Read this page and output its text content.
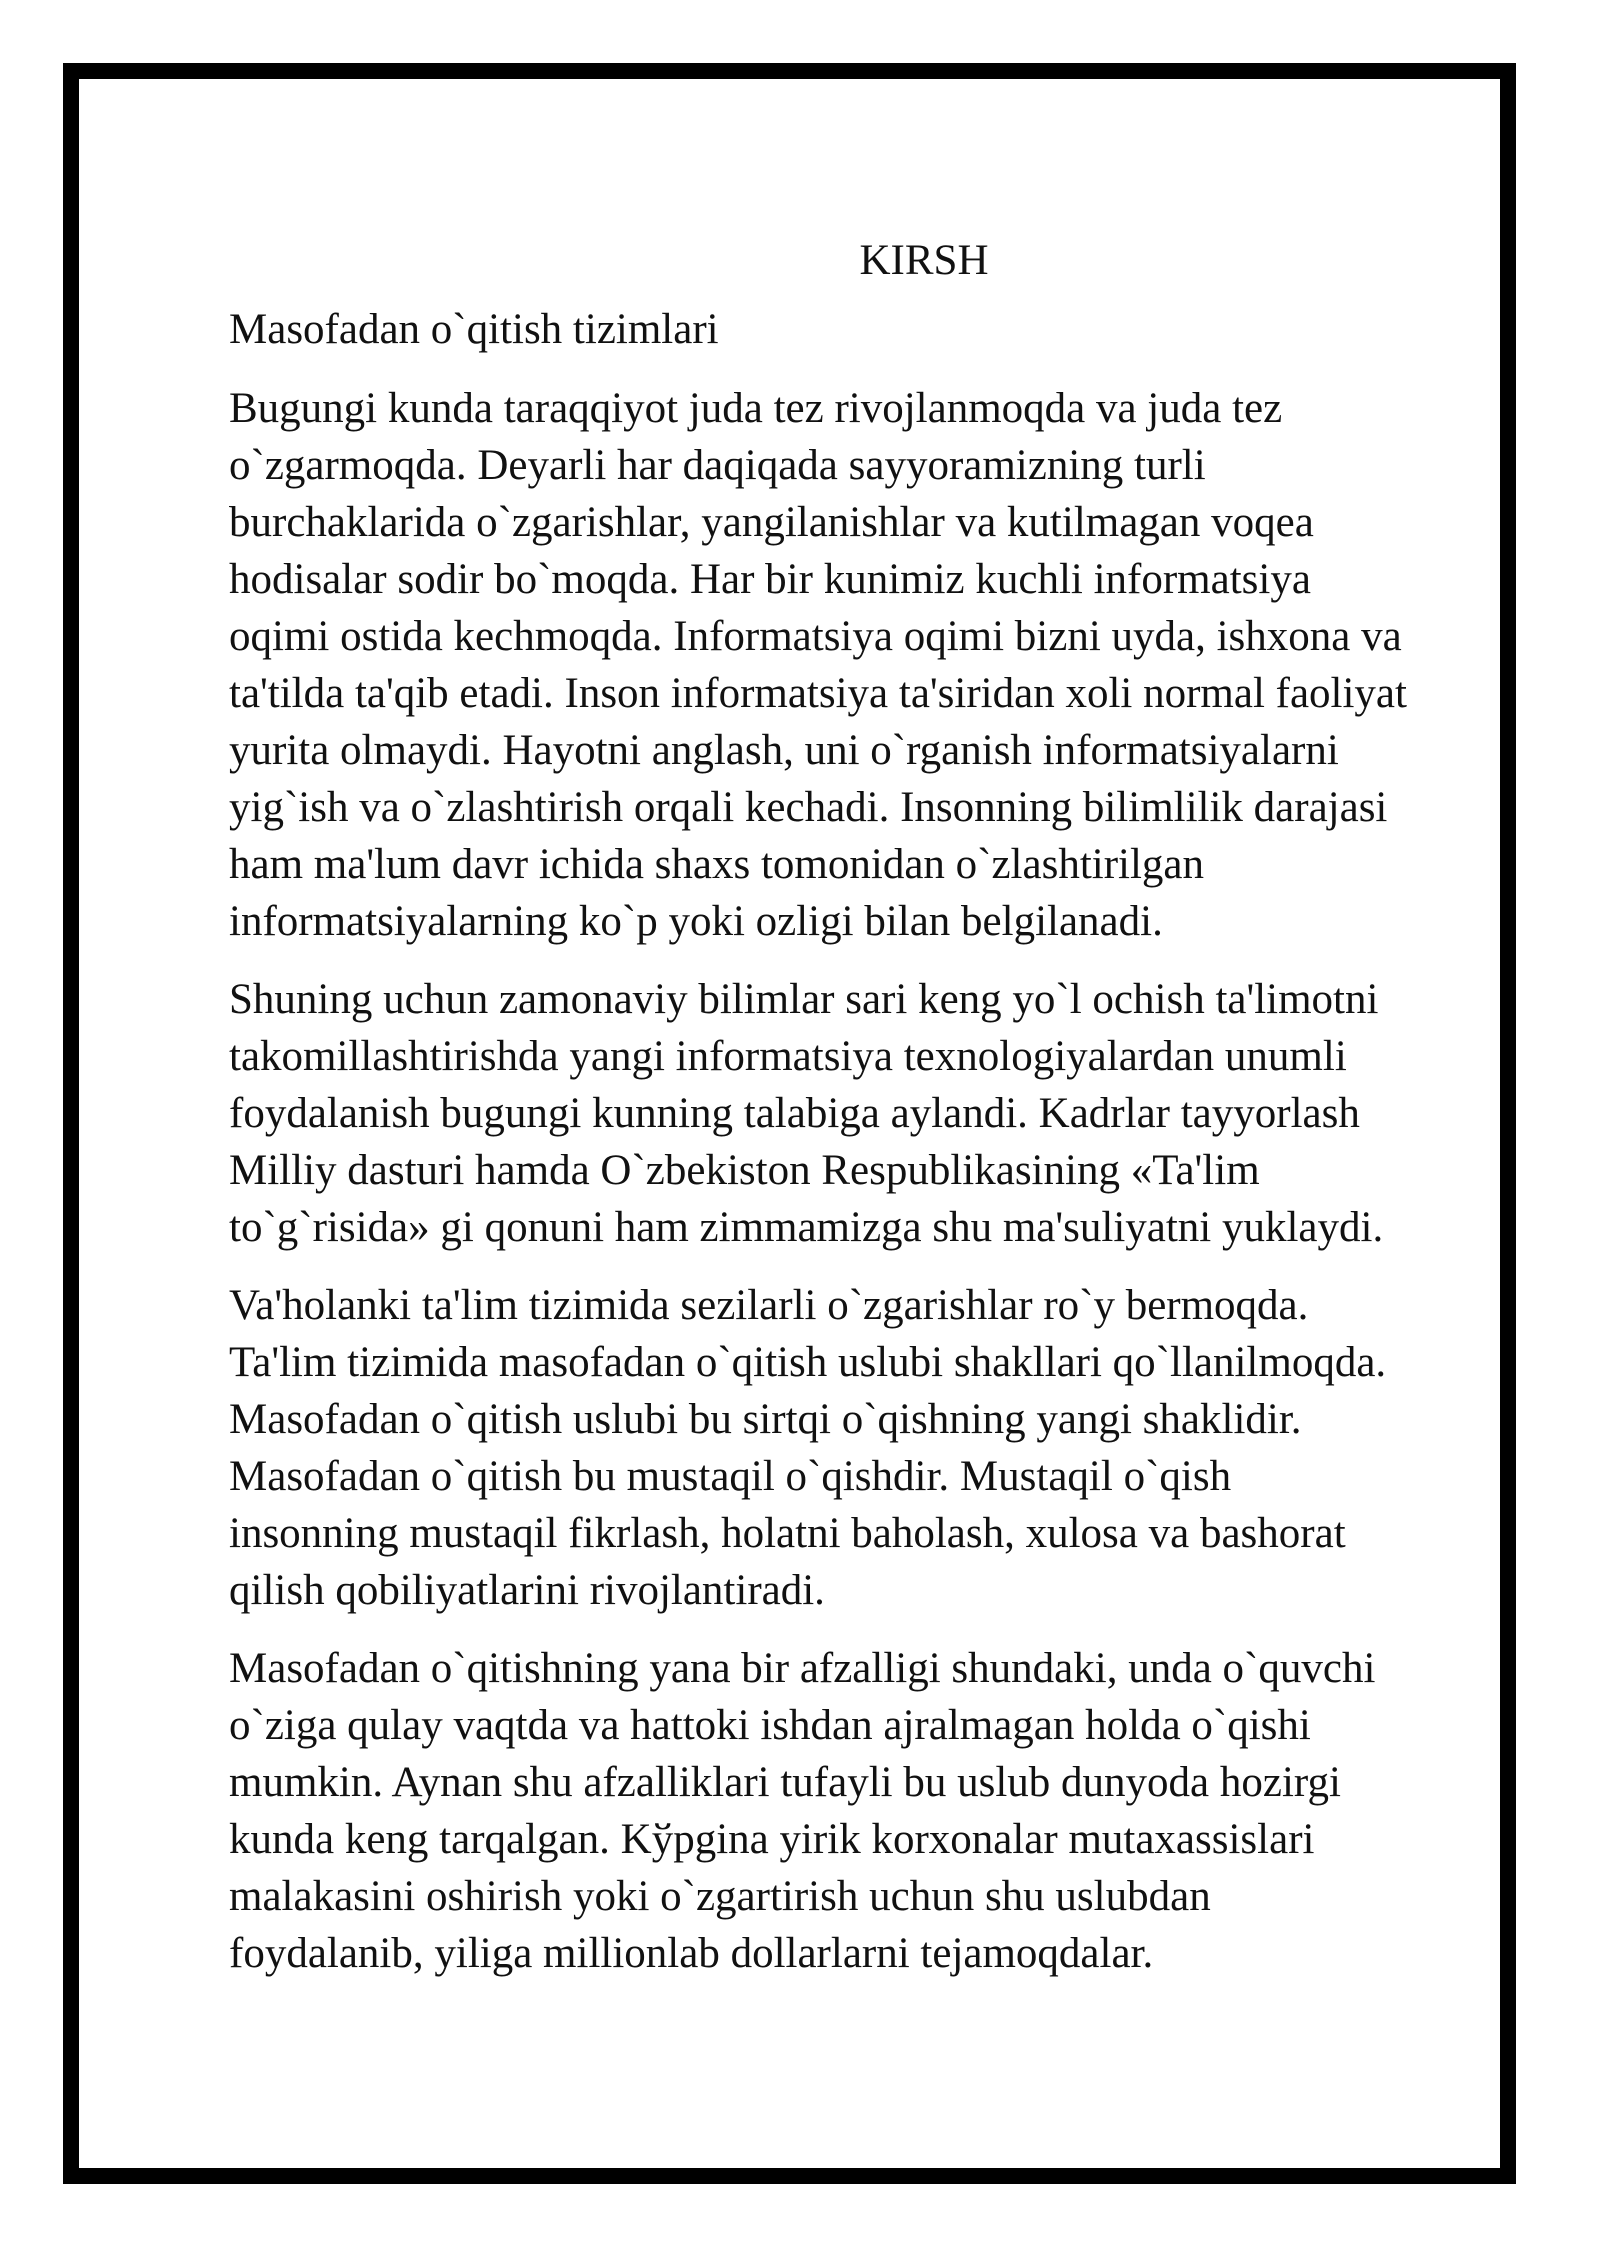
KIRSH
Masofadan o`qitish tizimlari

Bugungi kunda taraqqiyot juda tez rivojlanmoqda va juda tez
o`zgarmoqda. Deyarli har daqiqada sayyoramizning turli
burchaklarida o`zgarishlar, yangilanishlar va kutilmagan voqea
hodisalar sodir bo`moqda. Har bir kunimiz kuchli informatsiya
oqimi ostida kechmoqda. Informatsiya oqimi bizni uyda, ishxona va
ta'tilda ta'qib etadi. Inson informatsiya ta'siridan xoli normal faoliyat
yurita olmaydi. Hayotni anglash, uni o`rganish informatsiyalarni
yig`ish va o`zlashtirish orqali kechadi. Insonning bilimlilik darajasi
ham ma'lum davr ichida shaxs tomonidan o`zlashtirilgan
informatsiyalarning ko`p yoki ozligi bilan belgilanadi.

Shuning uchun zamonaviy bilimlar sari keng yo`l ochish ta'limotni
takomillashtirishda yangi informatsiya texnologiyalardan unumli
foydalanish bugungi kunning talabiga aylandi. Kadrlar tayyorlash
Milliy dasturi hamda O`zbekiston Respublikasining «Ta'lim
to`g`risida» gi qonuni ham zimmamizga shu ma'suliyatni yuklaydi.

Va'holanki ta'lim tizimida sezilarli o`zgarishlar ro`y bermoqda.
Ta'lim tizimida masofadan o`qitish uslubi shakllari qo`llanilmoqda.
Masofadan o`qitish uslubi bu sirtqi o`qishning yangi shaklidir.
Masofadan o`qitish bu mustaqil o`qishdir. Mustaqil o`qish
insonning mustaqil fikrlash, holatni baholash, xulosa va bashorat
qilish qobiliyatlarini rivojlantiradi.

Masofadan o`qitishning yana bir afzalligi shundaki, unda o`quvchi
o`ziga qulay vaqtda va hattoki ishdan ajralmagan holda o`qishi
mumkin. Aynan shu afzalliklari tufayli bu uslub dunyoda hozirgi
kunda keng tarqalgan. Kўpgina yirik korxonalar mutaxassislari
malakasini oshirish yoki o`zgartirish uchun shu uslubdan
foydalanib, yiliga millionlab dollarlarni tejamoqdalar.
